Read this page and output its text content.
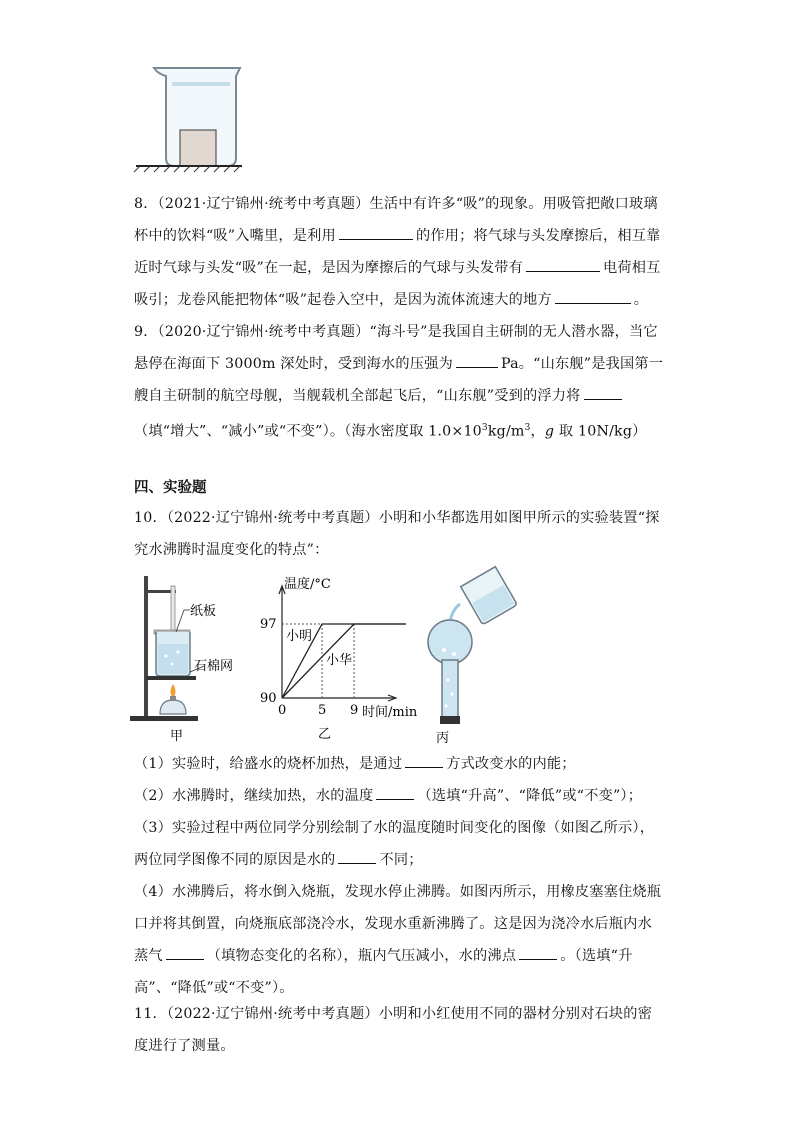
8．（2021·辽宁锦州·统考中考真题）生活中有许多“吸”的现象。用吸管把敞口玻璃杯中的饮料“吸”入嘴里，是利用	的作用；将气球与头发摩擦后，相互靠近时气球与头发“吸”在一起，是因为摩擦后的气球与头发带有	电荷相互吸引；龙卷风能把物体“吸”起卷入空中，是因为流体流速大的地方	。
9．（2020·辽宁锦州·统考中考真题）“海斗号”是我国自主研制的无人潜水器，当它悬停在海面下 3000m 深处时，受到海水的压强为	Pa。“山东舰”是我国第一艘自主研制的航空母舰，当舰载机全部起飞后，“山东舰”受到的浮力将（填“增大”、“减小”或“不变”）。（海水密度取 $1.0\times 10^3kg/m^3$，g 取 10N/kg）
四、实验题
10．（2022·辽宁锦州·统考中考真题）小明和小华都选用如图甲所示的实验装置“探究水沸腾时温度变化的特点”：
纸板
石棉网
甲
温度/°C
时间/min
0 5 9
90
97
小明
小华
乙	丙
（1）实验时，给盛水的烧杯加热，是通过	方式改变水的内能；
（2）水沸腾时，继续加热，水的温度	（选填“升高”、“降低”或“不变”）；
（3）实验过程中两位同学分别绘制了水的温度随时间变化的图像（如图乙所示），两位同学图像不同的原因是水的	不同；
（4）水沸腾后，将水倒入烧瓶，发现水停止沸腾。如图丙所示，用橡皮塞塞住烧瓶口并将其倒置，向烧瓶底部浇冷水，发现水重新沸腾了。这是因为浇冷水后瓶内水蒸气	（填物态变化的名称），瓶内气压减小，水的沸点	。（选填“升高”、“降低”或“不变”）。
11．（2022·辽宁锦州·统考中考真题）小明和小红使用不同的器材分别对石块的密度进行了测量。
